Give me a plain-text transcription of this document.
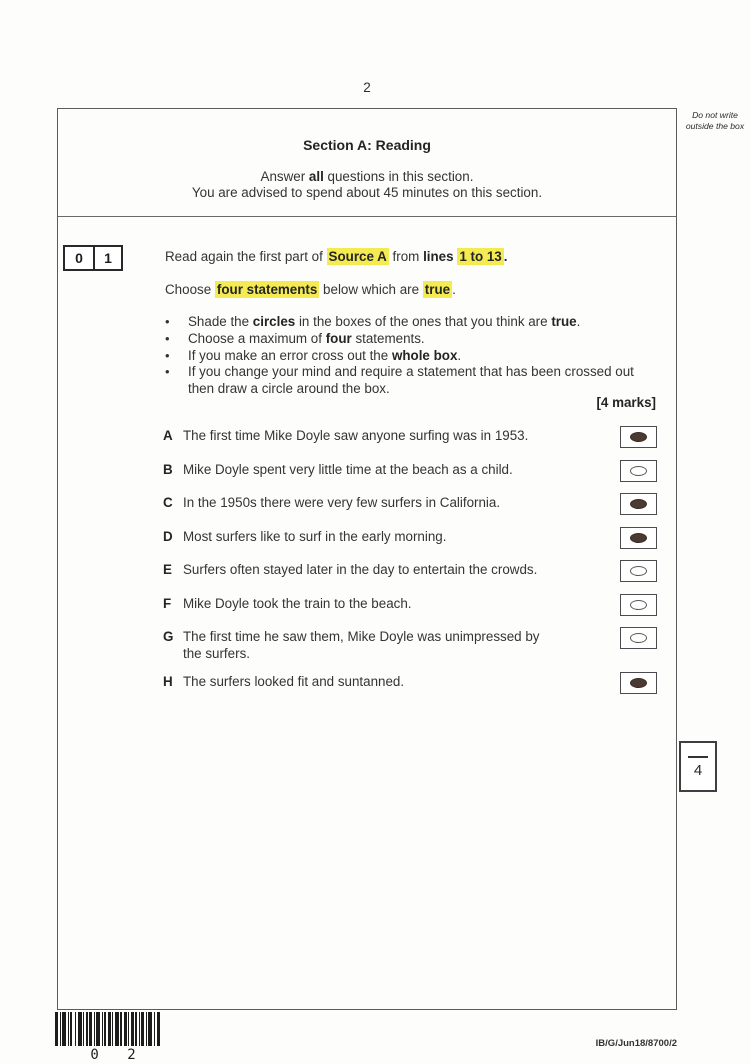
2
Do not write outside the box
Section A: Reading
Answer all questions in this section.
You are advised to spend about 45 minutes on this section.
0	1	Read again the first part of Source A from lines 1 to 13 .
Choose four statements below which are true .
•	Shade the circles in the boxes of the ones that you think are true.
•	Choose a maximum of four statements.
•	If you make an error cross out the whole box.
•	If you change your mind and require a statement that has been crossed out then draw a circle around the box.
[4 marks]
A The first time Mike Doyle saw anyone surfing was in 1953.
B Mike Doyle spent very little time at the beach as a child.
C In the 1950s there were very few surfers in California.
D Most surfers like to surf in the early morning.
E Surfers often stayed later in the day to entertain the crowds.
F Mike Doyle took the train to the beach.
G The first time he saw them, Mike Doyle was unimpressed by the surfers.
H The surfers looked fit and suntanned.
4
0 2
IB/G/Jun18/8700/2
